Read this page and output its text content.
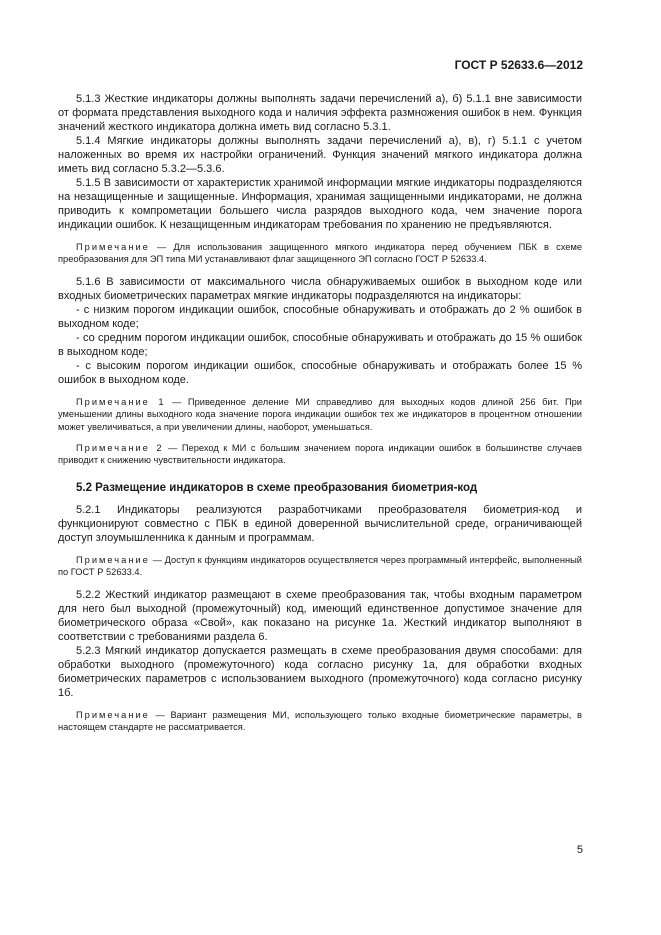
ГОСТ Р 52633.6—2012

5.1.3 Жесткие индикаторы должны выполнять задачи перечислений а), б) 5.1.1 вне зависимости от формата представления выходного кода и наличия эффекта размножения ошибок в нем. Функция значений жесткого индикатора должна иметь вид согласно 5.3.1.

5.1.4 Мягкие индикаторы должны выполнять задачи перечислений а), в), г) 5.1.1 с учетом наложенных во время их настройки ограничений. Функция значений мягкого индикатора должна иметь вид согласно 5.3.2—5.3.6.

5.1.5 В зависимости от характеристик хранимой информации мягкие индикаторы подразделяются на незащищенные и защищенные. Информация, хранимая защищенными индикаторами, не должна приводить к компрометации большего числа разрядов выходного кода, чем значение порога индикации ошибок. К незащищенным индикаторам требования по хранению не предъявляются.

Примечание — Для использования защищенного мягкого индикатора перед обучением ПБК в схеме преобразования для ЭП типа МИ устанавливают флаг защищенного ЭП согласно ГОСТ Р 52633.4.

5.1.6 В зависимости от максимального числа обнаруживаемых ошибок в выходном коде или входных биометрических параметрах мягкие индикаторы подразделяются на индикаторы:

- с низким порогом индикации ошибок, способные обнаруживать и отображать до 2 % ошибок в выходном коде;

- со средним порогом индикации ошибок, способные обнаруживать и отображать до 15 % ошибок в выходном коде;

- с высоким порогом индикации ошибок, способные обнаруживать и отображать более 15 % ошибок в выходном коде.

Примечание 1 — Приведенное деление МИ справедливо для выходных кодов длиной 256 бит. При уменьшении длины выходного кода значение порога индикации ошибок тех же индикаторов в процентном отношении может увеличиваться, а при увеличении длины, наоборот, уменьшаться.

Примечание 2 — Переход к МИ с большим значением порога индикации ошибок в большинстве случаев приводит к снижению чувствительности индикатора.

5.2 Размещение индикаторов в схеме преобразования биометрия-код

5.2.1 Индикаторы реализуются разработчиками преобразователя биометрия-код и функционируют совместно с ПБК в единой доверенной вычислительной среде, ограничивающей доступ злоумышленника к данным и программам.

Примечание — Доступ к функциям индикаторов осуществляется через программный интерфейс, выполненный по ГОСТ Р 52633.4.

5.2.2 Жесткий индикатор размещают в схеме преобразования так, чтобы входным параметром для него был выходной (промежуточный) код, имеющий единственное допустимое значение для биометрического образа «Свой», как показано на рисунке 1а. Жесткий индикатор выполняют в соответствии с требованиями раздела 6.

5.2.3 Мягкий индикатор допускается размещать в схеме преобразования двумя способами: для обработки выходного (промежуточного) кода согласно рисунку 1а, для обработки входных биометрических параметров с использованием выходного (промежуточного) кода согласно рисунку 1б.

Примечание — Вариант размещения МИ, использующего только входные биометрические параметры, в настоящем стандарте не рассматривается.

5
